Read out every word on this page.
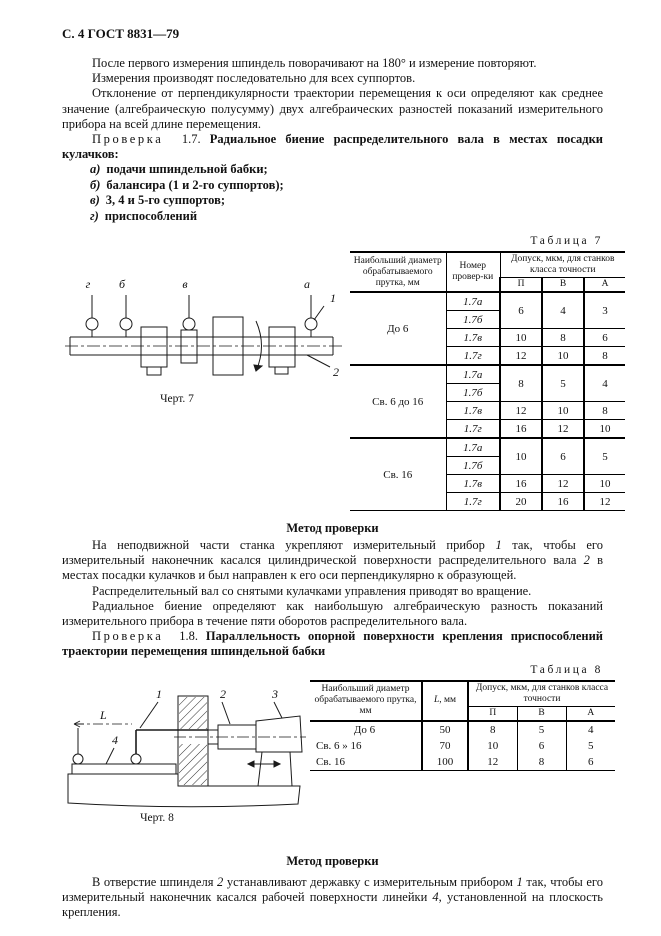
С. 4 ГОСТ 8831—79

После первого измерения шпиндель поворачивают на 180° и измерение повторяют.

Измерения производят последовательно для всех суппортов.

Отклонение от перпендикулярности траектории перемещения к оси определяют как среднее значение (алгебраическую полусумму) двух алгебраических разностей показаний измерительного прибора на всей длине перемещения.

Проверка 1.7. Радиальное биение распределительного вала в местах посадки кулачков:

а) подачи шпиндельной бабки;
б) балансира (1 и 2-го суппортов);
в) 3, 4 и 5-го суппортов;
г) приспособлений
Таблица 7
г б	в	а
1
2
Черт. 7
Наибольший диаметр обрабатываемого прутка, мм	Номер провер-ки	Допуск, мкм, для станков класса точности		
		П	В	А
До 6	1.7а	6	4	3
	1.7б			
	1.7в	10	8	6
	1.7г	12	10	8
Св. 6 до 16	1.7а	8	5	4
	1.7б			
	1.7в	12	10	8
	1.7г	16	12	10
Св. 16	1.7а	10	6	5
	1.7б			
	1.7в	16	12	10
	1.7г	20	16	12
Метод проверки

На неподвижной части станка укрепляют измерительный прибор 1 так, чтобы его измерительный наконечник касался цилиндрической поверхности распределительного вала 2 в местах посадки кулачков и был направлен к его оси перпендикулярно к образующей.

Распределительный вал со снятыми кулачками управления приводят во вращение.

Радиальное биение определяют как наибольшую алгебраическую разность показаний измерительного прибора в течение пяти оборотов распределительного вала.

Проверка 1.8. Параллельность опорной поверхности крепления приспособлений траектории перемещения шпиндельной бабки

Таблица 8
1	2	3
4
L
Черт. 8
Наибольший диаметр обрабатываемого прутка, мм	L, мм	Допуск, мкм, для станков класса точности		
		П	В	А
До 6	50	8	5	4
Св. 6 » 16	70	10	6	5
Св. 16	100	12	8	6
Метод проверки

В отверстие шпинделя 2 устанавливают державку с измерительным прибором 1 так, чтобы его измерительный наконечник касался рабочей поверхности линейки 4, установленной на плоскость крепления.
